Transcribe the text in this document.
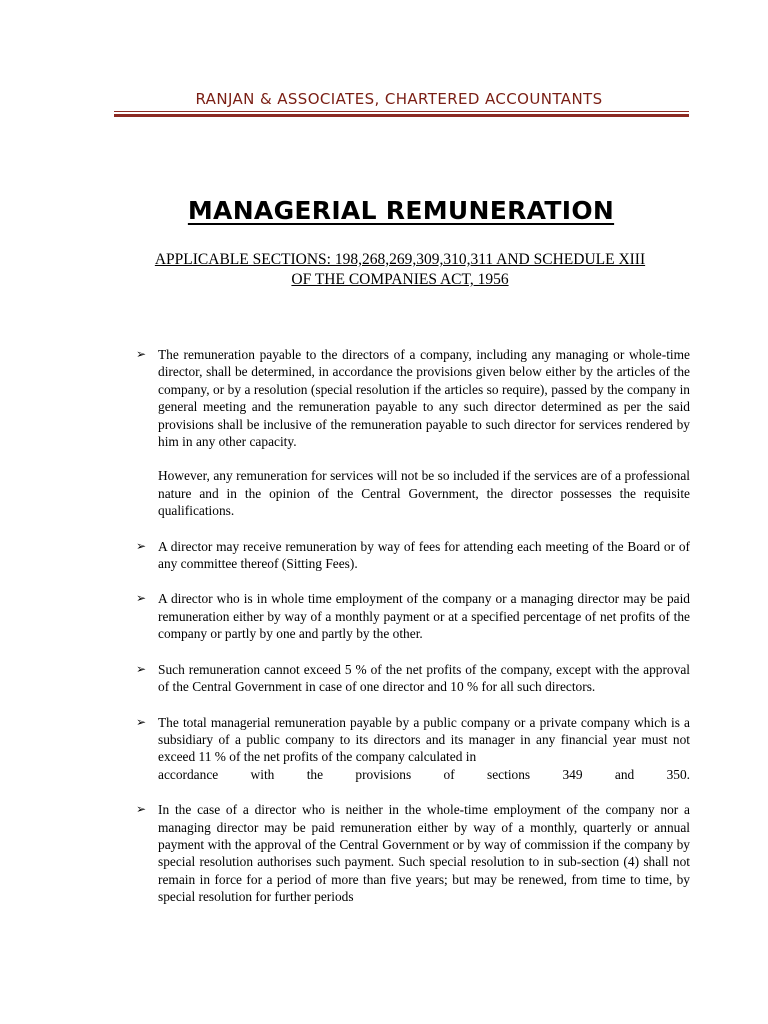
RANJAN & ASSOCIATES, CHARTERED ACCOUNTANTS

MANAGERIAL REMUNERATION
APPLICABLE SECTIONS: 198,268,269,309,310,311 AND SCHEDULE XIII
OF THE COMPANIES ACT, 1956
➢ The remuneration payable to the directors of a company, including any managing or whole-time director, shall be determined, in accordance the provisions given below either by the articles of the company, or by a resolution (special resolution if the articles so require), passed by the company in general meeting and the remuneration payable to any such director determined as per the said provisions shall be inclusive of the remuneration payable to such director for services rendered by him in any other capacity.
However, any remuneration for services will not be so included if the services are of a professional nature and in the opinion of the Central Government, the director possesses the requisite qualifications.
➢ A director may receive remuneration by way of fees for attending each meeting of the Board or of any committee thereof (Sitting Fees).
➢ A director who is in whole time employment of the company or a managing director may be paid remuneration either by way of a monthly payment or at a specified percentage of net profits of the company or partly by one and partly by the other.
➢ Such remuneration cannot exceed 5 % of the net profits of the company, except with the approval of the Central Government in case of one director and 10 % for all such directors.
➢ The total managerial remuneration payable by a public company or a private company which is a subsidiary of a public company to its directors and its manager in any financial year must not exceed 11 % of the net profits of the company calculated in
accordance with the provisions of sections 349 and 350.
➢ In the case of a director who is neither in the whole-time employment of the company nor a managing director may be paid remuneration either by way of a monthly, quarterly or annual payment with the approval of the Central Government or by way of commission if the company by special resolution authorises such payment. Such special resolution to in sub-section (4) shall not remain in force for a period of more than five years; but may be renewed, from time to time, by special resolution for further periods
